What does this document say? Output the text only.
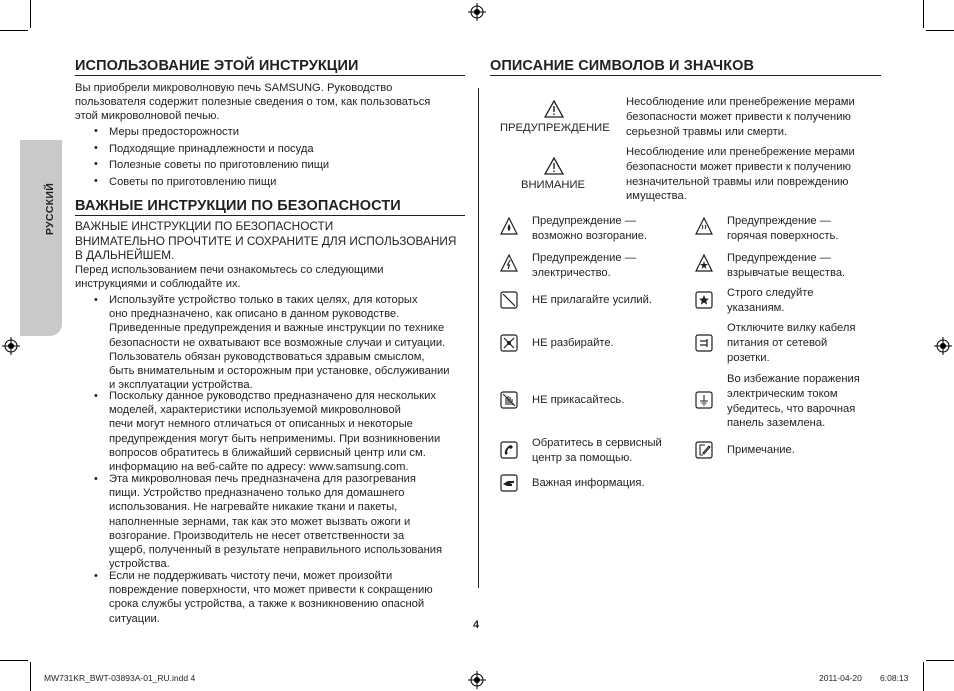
РУССКИЙ
ИСПОЛЬЗОВАНИЕ ЭТОЙ ИНСТРУКЦИИ
Вы приобрели микроволновую печь SAMSUNG. Руководство
пользователя содержит полезные сведения о том, как пользоваться
этой микроволновой печью.
• Меры предосторожности
• Подходящие принадлежности и посуда
• Полезные советы по приготовлению пищи
• Советы по приготовлению пищи
ВАЖНЫЕ ИНСТРУКЦИИ ПО БЕЗОПАСНОСТИ
ВАЖНЫЕ ИНСТРУКЦИИ ПО БЕЗОПАСНОСТИ
ВНИМАТЕЛЬНО ПРОЧТИТЕ И СОХРАНИТЕ ДЛЯ ИСПОЛЬЗОВАНИЯ
В ДАЛЬНЕЙШЕМ.
Перед использованием печи ознакомьтесь со следующими
инструкциями и соблюдайте их.
• Используйте устройство только в таких целях, для которых
оно предназначено, как описано в данном руководстве.
Приведенные предупреждения и важные инструкции по технике
безопасности не охватывают все возможные случаи и ситуации.
Пользователь обязан руководствоваться здравым смыслом,
быть внимательным и осторожным при установке, обслуживании
и эксплуатации устройства.
• Поскольку данное руководство предназначено для нескольких
моделей, характеристики используемой микроволновой
печи могут немного отличаться от описанных и некоторые
предупреждения могут быть неприменимы. При возникновении
вопросов обратитесь в ближайший сервисный центр или см.
информацию на веб-сайте по адресу: www.samsung.com.
• Эта микроволновая печь предназначена для разогревания
пищи. Устройство предназначено только для домашнего
использования. Не нагревайте никакие ткани и пакеты,
наполненные зернами, так как это может вызвать ожоги и
возгорание. Производитель не несет ответственности за
ущерб, полученный в результате неправильного использования
устройства.
• Если не поддерживать чистоту печи, может произойти
повреждение поверхности, что может привести к сокращению
срока службы устройства, а также к возникновению опасной
ситуации.
ОПИСАНИЕ СИМВОЛОВ И ЗНАЧКОВ
ПРЕДУПРЕЖДЕНИЕ
Несоблюдение или пренебрежение мерами
безопасности может привести к получению
серьезной травмы или смерти.
ВНИМАНИЕ
Несоблюдение или пренебрежение мерами
безопасности может привести к получению
незначительной травмы или повреждению
имущества.
Предупреждение —
возможно возгорание.
Предупреждение —
горячая поверхность.
Предупреждение —
электричество.
Предупреждение —
взрывчатые вещества.
НЕ прилагайте усилий.
Строго следуйте
указаниям.
НЕ разбирайте.
Отключите вилку кабеля
питания от сетевой
розетки.
НЕ прикасайтесь.
Во избежание поражения
электрическим током
убедитесь, что варочная
панель заземлена.
Обратитесь в сервисный
центр за помощью.
Примечание.
Важная информация.
4
MW731KR_BWT-03893A-01_RU.indd 4	2011-04-20 6:08:13
